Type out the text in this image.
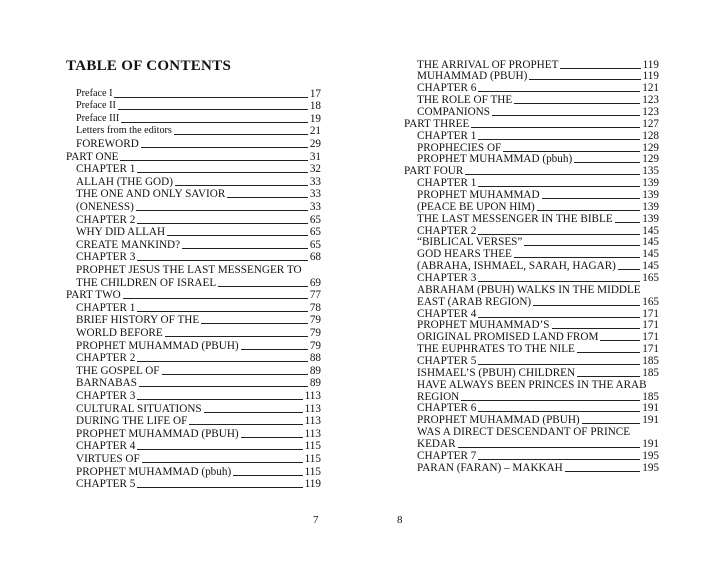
TABLE OF CONTENTS
Preface I	17
Preface II	18
Preface III	19
Letters from the editors	21
FOREWORD	29
PART ONE	31
CHAPTER 1	32
ALLAH (THE GOD)	33
THE ONE AND ONLY SAVIOR	33
(ONENESS)	33
CHAPTER 2	65
WHY DID ALLAH	65
CREATE MANKIND?	65
CHAPTER 3	68
PROPHET JESUS THE LAST MESSENGER TO
THE CHILDREN OF ISRAEL	69
PART TWO	77
CHAPTER 1	78
BRIEF HISTORY OF THE	79
WORLD BEFORE	79
PROPHET MUHAMMAD (PBUH)	79
CHAPTER 2	88
THE GOSPEL OF	89
BARNABAS	89
CHAPTER 3	113
CULTURAL SITUATIONS	113
DURING THE LIFE OF	113
PROPHET MUHAMMAD (PBUH)	113
CHAPTER 4	115
VIRTUES OF	115
PROPHET MUHAMMAD (pbuh)	115
CHAPTER 5	119
7
THE ARRIVAL OF PROPHET	119
MUHAMMAD (PBUH)	119
CHAPTER 6	121
THE ROLE OF THE	123
COMPANIONS	123
PART THREE	127
CHAPTER 1	128
PROPHECIES OF	129
PROPHET MUHAMMAD (pbuh)	129
PART FOUR	135
CHAPTER 1	139
PROPHET MUHAMMAD	139
(PEACE BE UPON HIM)	139
THE LAST MESSENGER IN THE BIBLE	139
CHAPTER 2	145
“BIBLICAL VERSES”	145
GOD HEARS THEE	145
(ABRAHA, ISHMAEL, SARAH, HAGAR) 145
CHAPTER 3	165
ABRAHAM (PBUH) WALKS IN THE MIDDLE
EAST (ARAB REGION)	165
CHAPTER 4	171
PROPHET MUHAMMAD’S	171
ORIGINAL PROMISED LAND FROM	171
THE EUPHRATES TO THE NILE	171
CHAPTER 5	185
ISHMAEL’S (PBUH) CHILDREN	185
HAVE ALWAYS BEEN PRINCES IN THE ARAB
REGION	185
CHAPTER 6	191
PROPHET MUHAMMAD (PBUH)	191
WAS A DIRECT DESCENDANT OF PRINCE
KEDAR	191
CHAPTER 7	195
PARAN (FARAN) – MAKKAH	195
8
